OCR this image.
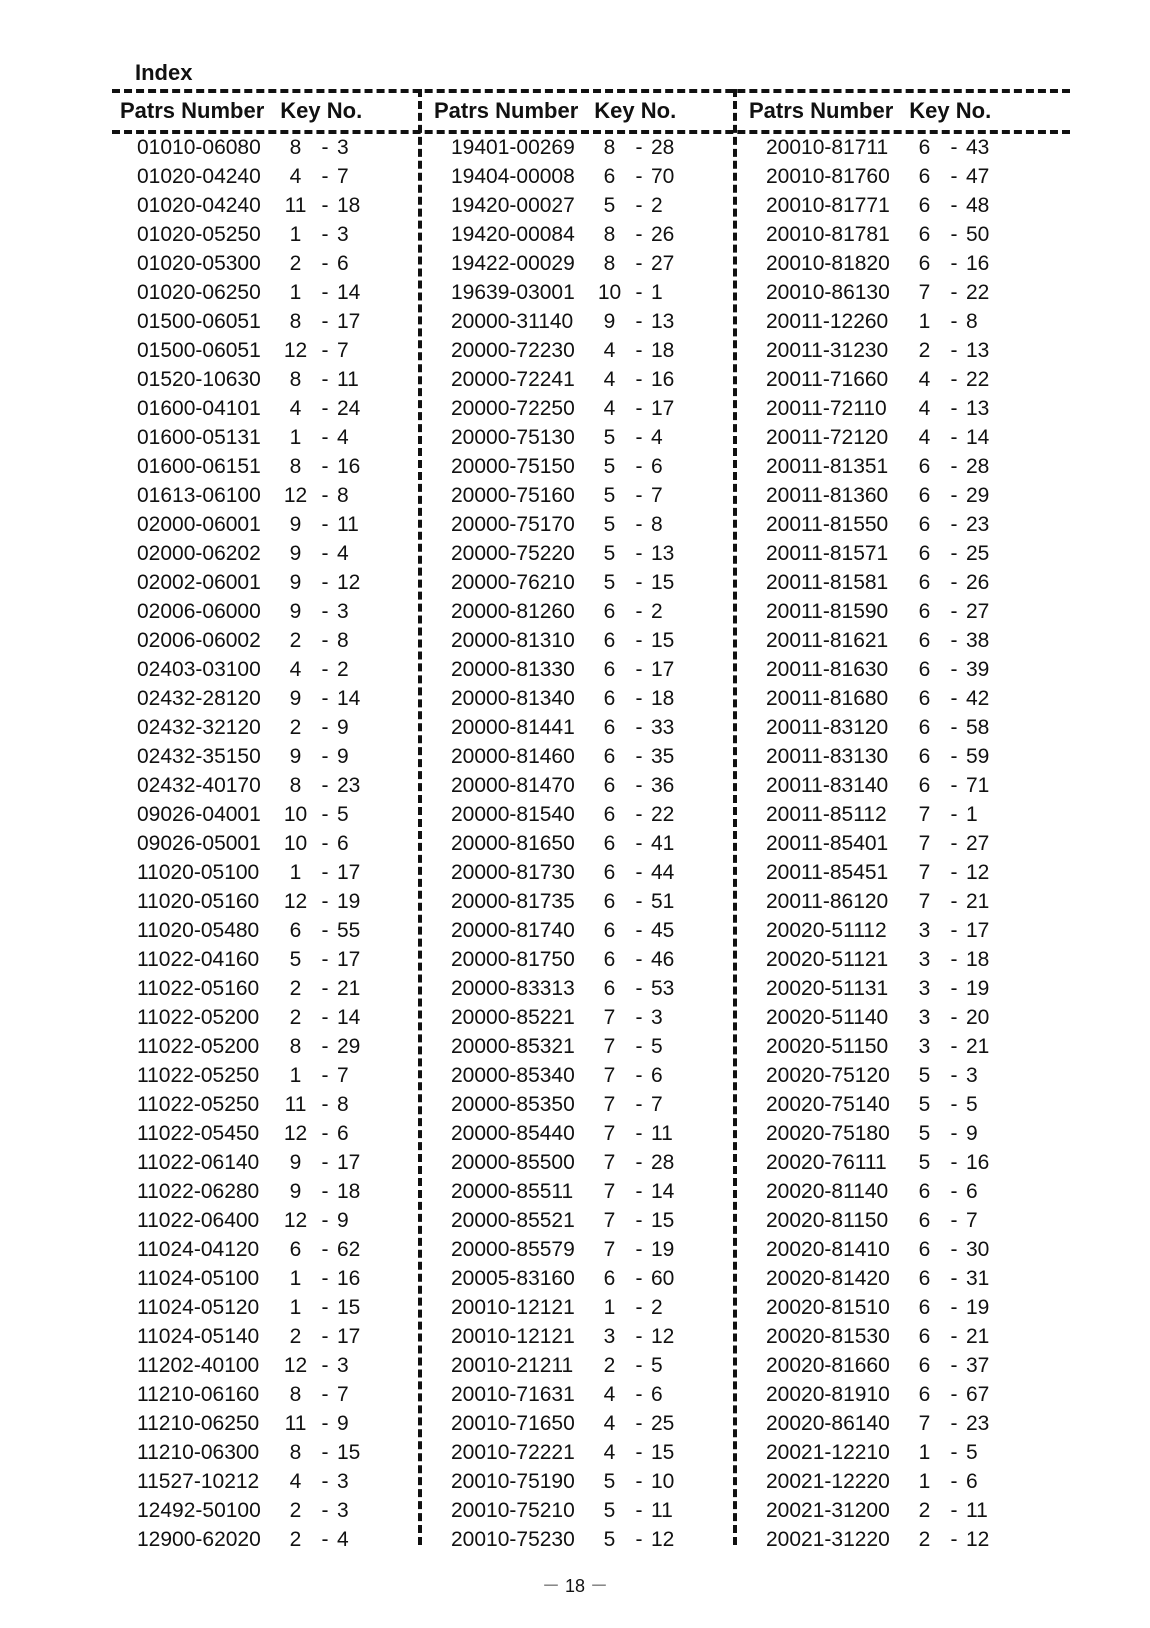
Index
Patrs Number Key No.
01010-06080	8 - 3
01020-04240	4 - 7
01020-04240	11 - 18
01020-05250	1 - 3
01020-05300	2 - 6
01020-06250	1 - 14
01500-06051	8 - 17
01500-06051	12 - 7
01520-10630	8 - 11
01600-04101	4 - 24
01600-05131	1 - 4
01600-06151	8 - 16
01613-06100	12 - 8
02000-06001	9 - 11
02000-06202	9 - 4
02002-06001	9 - 12
02006-06000	9 - 3
02006-06002	2 - 8
02403-03100	4 - 2
02432-28120	9 - 14
02432-32120	2 - 9
02432-35150	9 - 9
02432-40170	8 - 23
09026-04001	10 - 5
09026-05001	10 - 6
11020-05100	1 - 17
11020-05160	12 - 19
11020-05480	6 - 55
11022-04160	5 - 17
11022-05160	2 - 21
11022-05200	2 - 14
11022-05200	8 - 29
11022-05250	1 - 7
11022-05250	11 - 8
11022-05450	12 - 6
11022-06140	9 - 17
11022-06280	9 - 18
11022-06400	12 - 9
11024-04120	6 - 62
11024-05100	1 - 16
11024-05120	1 - 15
11024-05140	2 - 17
11202-40100	12 - 3
11210-06160	8 - 7
11210-06250	11 - 9
11210-06300	8 - 15
11527-10212	4 - 3
12492-50100	2 - 3
12900-62020	2 - 4
Patrs Number Key No.
19401-00269	8 - 28
19404-00008	6 - 70
19420-00027	5 - 2
19420-00084	8 - 26
19422-00029	8 - 27
19639-03001	10 - 1
20000-31140	9 - 13
20000-72230	4 - 18
20000-72241	4 - 16
20000-72250	4 - 17
20000-75130	5 - 4
20000-75150	5 - 6
20000-75160	5 - 7
20000-75170	5 - 8
20000-75220	5 - 13
20000-76210	5 - 15
20000-81260	6 - 2
20000-81310	6 - 15
20000-81330	6 - 17
20000-81340	6 - 18
20000-81441	6 - 33
20000-81460	6 - 35
20000-81470	6 - 36
20000-81540	6 - 22
20000-81650	6 - 41
20000-81730	6 - 44
20000-81735	6 - 51
20000-81740	6 - 45
20000-81750	6 - 46
20000-83313	6 - 53
20000-85221	7 - 3
20000-85321	7 - 5
20000-85340	7 - 6
20000-85350	7 - 7
20000-85440	7 - 11
20000-85500	7 - 28
20000-85511	7 - 14
20000-85521	7 - 15
20000-85579	7 - 19
20005-83160	6 - 60
20010-12121	1 - 2
20010-12121	3 - 12
20010-21211	2 - 5
20010-71631	4 - 6
20010-71650	4 - 25
20010-72221	4 - 15
20010-75190	5 - 10
20010-75210	5 - 11
20010-75230	5 - 12
Patrs Number Key No.
20010-81711	6 - 43
20010-81760	6 - 47
20010-81771	6 - 48
20010-81781	6 - 50
20010-81820	6 - 16
20010-86130	7 - 22
20011-12260	1 - 8
20011-31230	2 - 13
20011-71660	4 - 22
20011-72110	4 - 13
20011-72120	4 - 14
20011-81351	6 - 28
20011-81360	6 - 29
20011-81550	6 - 23
20011-81571	6 - 25
20011-81581	6 - 26
20011-81590	6 - 27
20011-81621	6 - 38
20011-81630	6 - 39
20011-81680	6 - 42
20011-83120	6 - 58
20011-83130	6 - 59
20011-83140	6 - 71
20011-85112	7 - 1
20011-85401	7 - 27
20011-85451	7 - 12
20011-86120	7 - 21
20020-51112	3 - 17
20020-51121	3 - 18
20020-51131	3 - 19
20020-51140	3 - 20
20020-51150	3 - 21
20020-75120	5 - 3
20020-75140	5 - 5
20020-75180	5 - 9
20020-76111	5 - 16
20020-81140	6 - 6
20020-81150	6 - 7
20020-81410	6 - 30
20020-81420	6 - 31
20020-81510	6 - 19
20020-81530	6 - 21
20020-81660	6 - 37
20020-81910	6 - 67
20020-86140	7 - 23
20021-12210	1 - 5
20021-12220	1 - 6
20021-31200	2 - 11
20021-31220	2 - 12
－ 18 －
